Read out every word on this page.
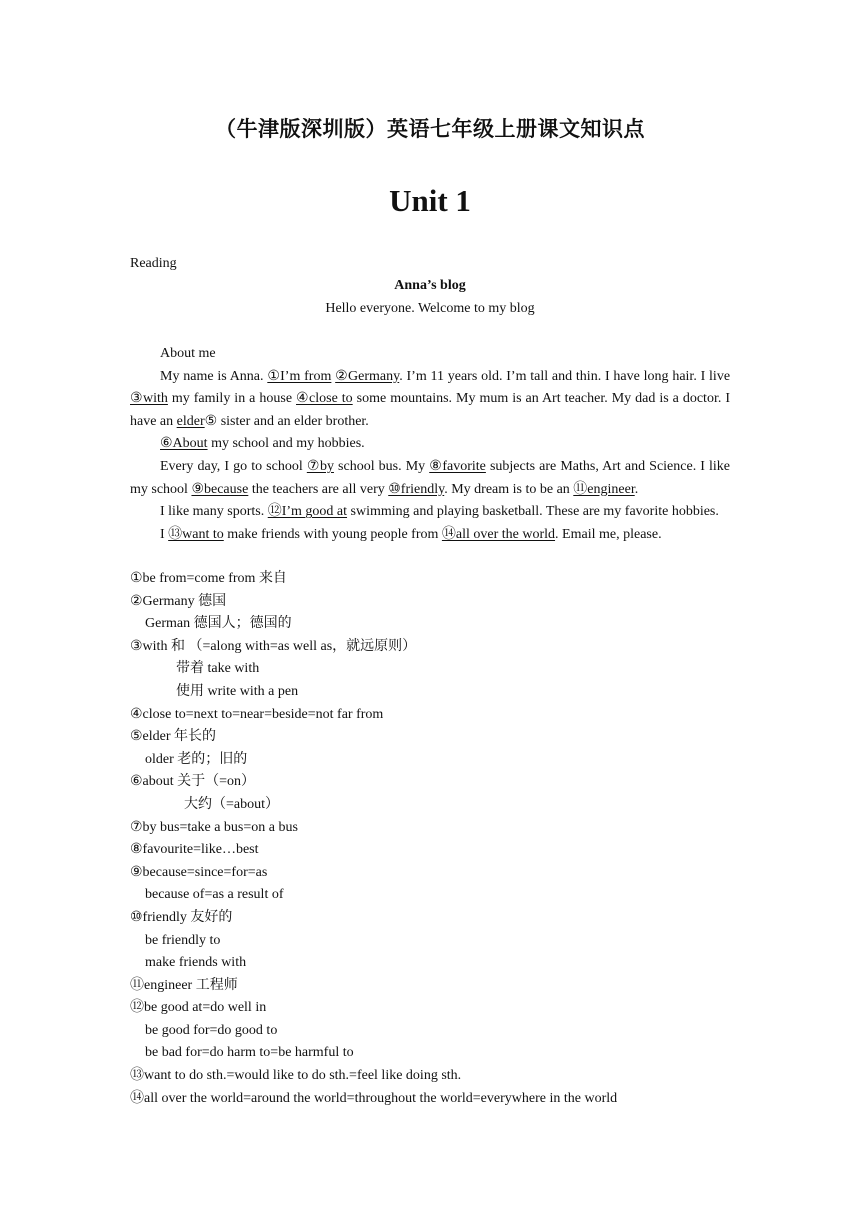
（牛津版深圳版）英语七年级上册课文知识点
Unit 1
Reading
Anna’s blog
Hello everyone. Welcome to my blog

About me

My name is Anna. ①I’m from ②Germany. I’m 11 years old. I’m tall and thin. I have long hair. I live ③with my family in a house ④close to some mountains. My mum is an Art teacher. My dad is a doctor. I have an elder⑤ sister and an elder brother.

⑥About my school and my hobbies.

Every day, I go to school ⑦by school bus. My ⑧favorite subjects are Maths, Art and Science. I like my school ⑨because the teachers are all very ⑩friendly. My dream is to be an ⑪engineer.

I like many sports. ⑫I’m good at swimming and playing basketball. These are my favorite hobbies.

I ⑬want to make friends with young people from ⑭all over the world. Email me, please.

①be from=come from 来自
②Germany 德国
German 德国人；德国的
③with 和 （=along with=as well as，就远原则）
带着 take with
使用 write with a pen
④close to=next to=near=beside=not far from
⑤elder 年长的
older 老的；旧的
⑥about 关于（=on）
大约（=about）
⑦by bus=take a bus=on a bus
⑧favourite=like…best
⑨because=since=for=as
because of=as a result of
⑩friendly 友好的
be friendly to
make friends with
⑪engineer 工程师
⑫be good at=do well in
be good for=do good to
be bad for=do harm to=be harmful to
⑬want to do sth.=would like to do sth.=feel like doing sth.
⑭all over the world=around the world=throughout the world=everywhere in the world
